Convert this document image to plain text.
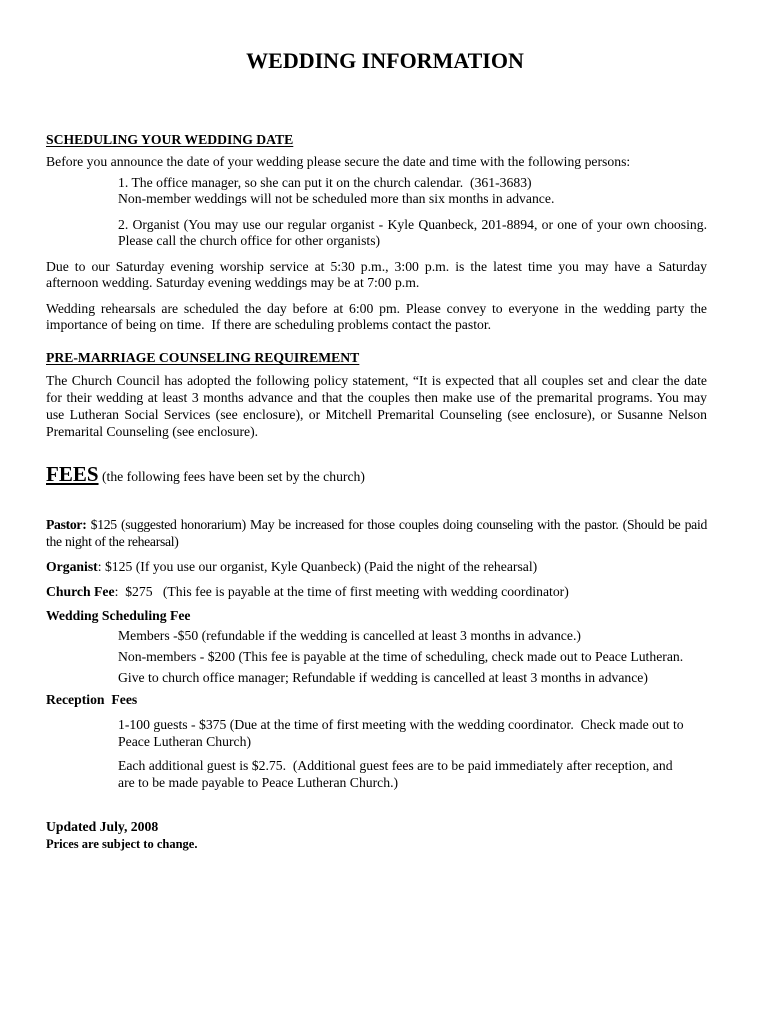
WEDDING INFORMATION
SCHEDULING YOUR WEDDING DATE
Before you announce the date of your wedding please secure the date and time with the following persons:
1. The office manager, so she can put it on the church calendar.  (361-3683)
Non-member weddings will not be scheduled more than six months in advance.
2. Organist (You may use our regular organist - Kyle Quanbeck, 201-8894, or one of your own choosing.
Please call the church office for other organists)
Due to our Saturday evening worship service at 5:30 p.m., 3:00 p.m. is the latest time you may have a Saturday
afternoon wedding. Saturday evening weddings may be at 7:00 p.m.
Wedding rehearsals are scheduled the day before at 6:00 pm. Please convey to everyone in the wedding party the
importance of being on time.  If there are scheduling problems contact the pastor.
PRE-MARRIAGE COUNSELING REQUIREMENT
The Church Council has adopted the following policy statement, “It is expected that all couples set and clear the date
for their wedding at least 3 months advance and that the couples then make use of the premarital programs. You may
use Lutheran Social Services (see enclosure), or Mitchell Premarital Counseling (see enclosure), or Susanne Nelson
Premarital Counseling (see enclosure).
FEES (the following fees have been set by the church)
Pastor: $125 (suggested honorarium) May be increased for those couples doing counseling with the pastor. (Should be paid
the night of the rehearsal)
Organist: $125 (If you use our organist, Kyle Quanbeck) (Paid the night of the rehearsal)
Church Fee:  $275   (This fee is payable at the time of first meeting with wedding coordinator)
Wedding Scheduling Fee
Members -$50 (refundable if the wedding is cancelled at least 3 months in advance.)
Non-members - $200 (This fee is payable at the time of scheduling, check made out to Peace Lutheran.
Give to church office manager; Refundable if wedding is cancelled at least 3 months in advance)
Reception  Fees
1-100 guests - $375 (Due at the time of first meeting with the wedding coordinator.  Check made out to
Peace Lutheran Church)
Each additional guest is $2.75.  (Additional guest fees are to be paid immediately after reception, and
are to be made payable to Peace Lutheran Church.)
Updated July, 2008
Prices are subject to change.
